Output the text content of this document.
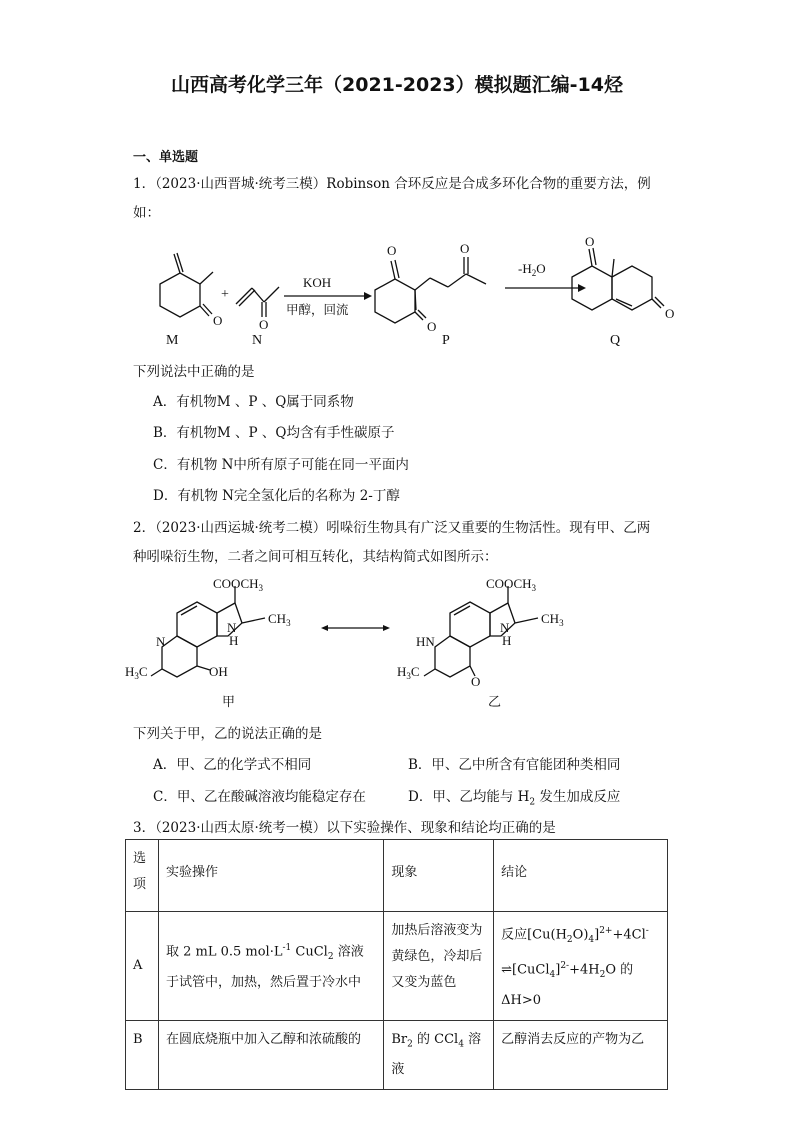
山西高考化学三年（2021-2023）模拟题汇编-14烃
一、单选题
1．（2023·山西晋城·统考三模）Robinson 合环反应是合成多环化合物的重要方法，例
如：
O
M
+
O
N
KOH
甲醇，回流
O
O
O
P
$-H_2O$
O
O
Q
下列说法中正确的是
A．有机物M 、P 、Q属于同系物
B．有机物M 、P 、Q均含有手性碳原子
C．有机物 N中所有原子可能在同一平面内
D．有机物 N完全氢化后的名称为 2-丁醇
2．（2023·山西运城·统考二模）吲哚衍生物具有广泛又重要的生物活性。现有甲、乙两
种吲哚衍生物，二者之间可相互转化，其结构简式如图所示：
$COOCH_3$
$CH_3$
N
H
N
OH
$H_3C$
甲
$COOCH_3$
$CH_3$
N
H
HN
O
$H_3C$
乙
下列关于甲，乙的说法正确的是
A．甲、乙的化学式不相同	B．甲、乙中所含有官能团种类相同
C．甲、乙在酸碱溶液均能稳定存在	D．甲、乙均能与 $H_2$ 发生加成反应
3．（2023·山西太原·统考一模）以下实验操作、现象和结论均正确的是
选项	实验操作	现象	结论
A	取 2 mL 0.5 $mol\cdot L^{-1}$ CuCl$_2$ 溶液于试管中，加热，然后置于冷水中	加热后溶液变为黄绿色，冷却后又变为蓝色	反应$[Cu(H_2O)_4]^{2+}+4Cl^-$ $\rightleftharpoons[CuCl_4]^{2-}+4H_2O$ 的 ΔH>0
B	在圆底烧瓶中加入乙醇和浓硫酸的	$Br_2$ 的 CCl$_4$ 溶液	乙醇消去反应的产物为乙
